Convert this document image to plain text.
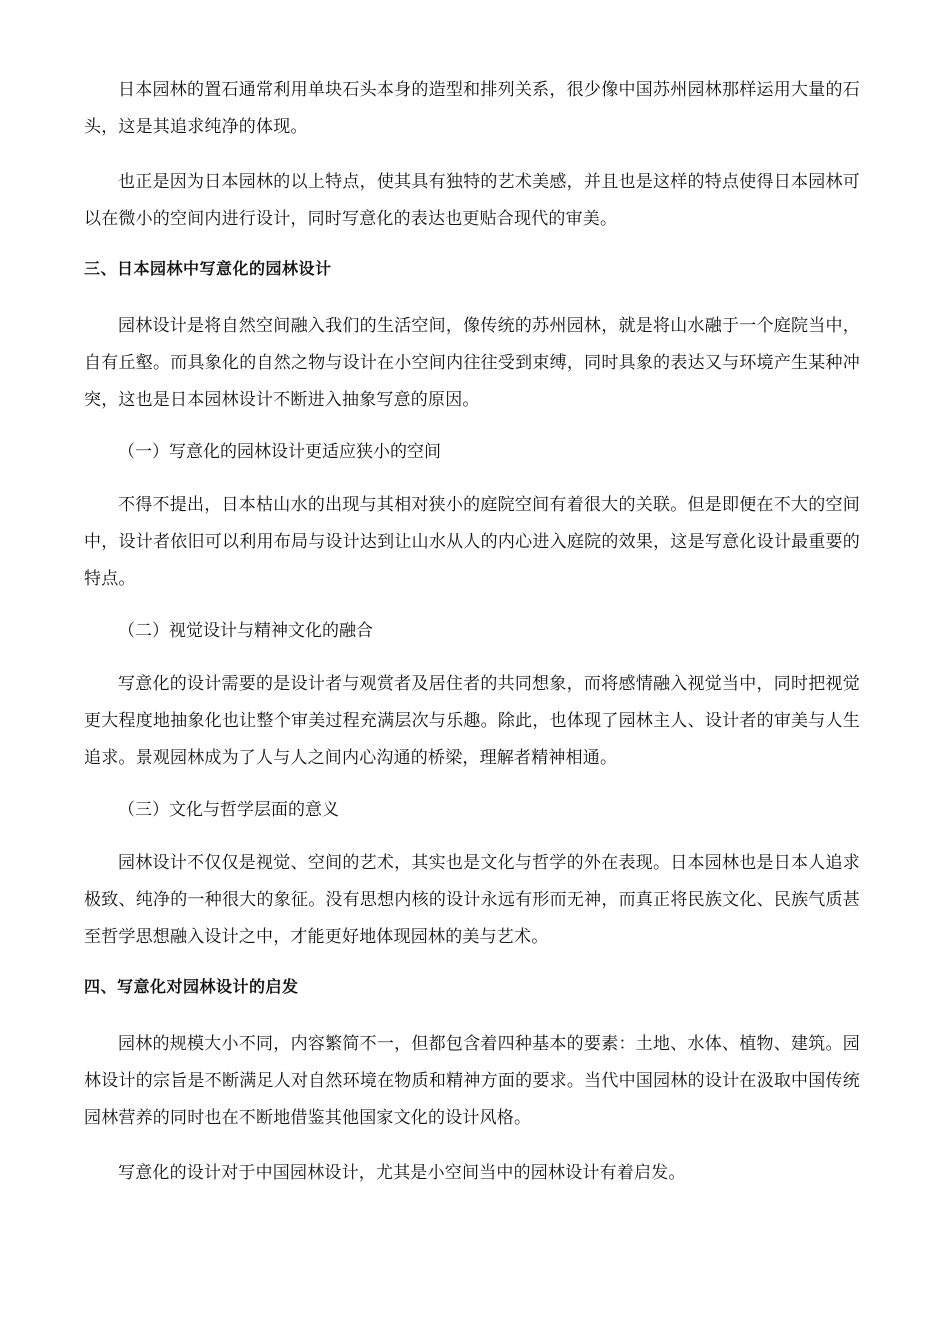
日本园林的置石通常利用单块石头本身的造型和排列关系，很少像中国苏州园林那样运用大量的石头，这是其追求纯净的体现。

也正是因为日本园林的以上特点，使其具有独特的艺术美感，并且也是这样的特点使得日本园林可以在微小的空间内进行设计，同时写意化的表达也更贴合现代的审美。

三、日本园林中写意化的园林设计

园林设计是将自然空间融入我们的生活空间，像传统的苏州园林，就是将山水融于一个庭院当中，自有丘壑。而具象化的自然之物与设计在小空间内往往受到束缚，同时具象的表达又与环境产生某种冲突，这也是日本园林设计不断进入抽象写意的原因。

（一）写意化的园林设计更适应狭小的空间

不得不提出，日本枯山水的出现与其相对狭小的庭院空间有着很大的关联。但是即便在不大的空间中，设计者依旧可以利用布局与设计达到让山水从人的内心进入庭院的效果，这是写意化设计最重要的特点。

（二）视觉设计与精神文化的融合

写意化的设计需要的是设计者与观赏者及居住者的共同想象，而将感情融入视觉当中，同时把视觉更大程度地抽象化也让整个审美过程充满层次与乐趣。除此，也体现了园林主人、设计者的审美与人生追求。景观园林成为了人与人之间内心沟通的桥梁，理解者精神相通。

（三）文化与哲学层面的意义

园林设计不仅仅是视觉、空间的艺术，其实也是文化与哲学的外在表现。日本园林也是日本人追求极致、纯净的一种很大的象征。没有思想内核的设计永远有形而无神，而真正将民族文化、民族气质甚至哲学思想融入设计之中，才能更好地体现园林的美与艺术。

四、写意化对园林设计的启发

园林的规模大小不同，内容繁简不一，但都包含着四种基本的要素：土地、水体、植物、建筑。园林设计的宗旨是不断满足人对自然环境在物质和精神方面的要求。当代中国园林的设计在汲取中国传统园林营养的同时也在不断地借鉴其他国家文化的设计风格。

写意化的设计对于中国园林设计，尤其是小空间当中的园林设计有着启发。
